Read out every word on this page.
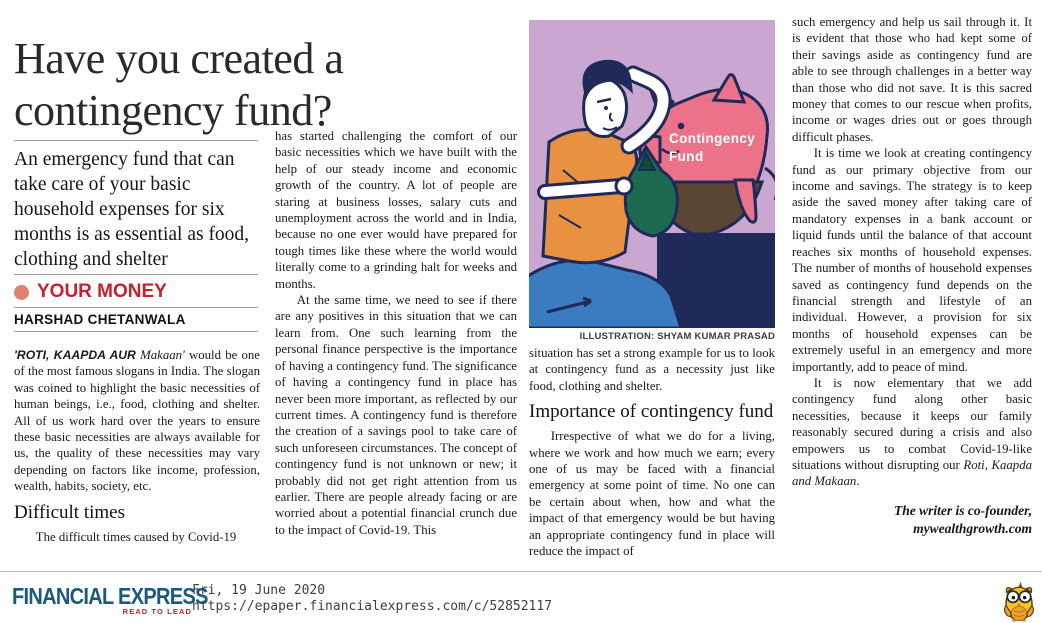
Have you created a contingency fund?
An emergency fund that can take care of your basic household expenses for six months is as essential as food, clothing and shelter
YOUR MONEY
HARSHAD CHETANWALA

'ROTI, KAAPDA AUR Makaan' would be one of the most famous slogans in India. The slogan was coined to highlight the basic necessities of human beings, i.e., food, clothing and shelter. All of us work hard over the years to ensure these basic necessities are always available for us, the quality of these necessities may vary depending on factors like income, profession, wealth, habits, society, etc.

Difficult times

The difficult times caused by Covid-19

has started challenging the comfort of our basic necessities which we have built with the help of our steady income and economic growth of the country. A lot of people are staring at business losses, salary cuts and unemployment across the world and in India, because no one ever would have prepared for tough times like these where the world would literally come to a grinding halt for weeks and months.

At the same time, we need to see if there are any positives in this situation that we can learn from. One such learning from the personal finance perspective is the importance of having a contingency fund. The significance of having a contingency fund in place has never been more important, as reflected by our current times. A contingency fund is therefore the creation of a savings pool to take care of such unforeseen circumstances. The concept of contingency fund is not unknown or new; it probably did not get right attention from us earlier. There are people already facing or are worried about a potential financial crunch due to the impact of Covid-19. This

Contingency
Fund
ILLUSTRATION: SHYAM KUMAR PRASAD

situation has set a strong example for us to look at contingency fund as a necessity just like food, clothing and shelter.

Importance of contingency fund

Irrespective of what we do for a living, where we work and how much we earn; every one of us may be faced with a financial emergency at some point of time. No one can be certain about when, how and what the impact of that emergency would be but having an appropriate contingency fund in place will reduce the impact of

such emergency and help us sail through it. It is evident that those who had kept some of their savings aside as contingency fund are able to see through challenges in a better way than those who did not save. It is this sacred money that comes to our rescue when profits, income or wages dries out or goes through difficult phases.

It is time we look at creating contingency fund as our primary objective from our income and savings. The strategy is to keep aside the saved money after taking care of mandatory expenses in a bank account or liquid funds until the balance of that account reaches six months of household expenses. The number of months of household expenses saved as contingency fund depends on the financial strength and lifestyle of an individual. However, a provision for six months of household expenses can be extremely useful in an emergency and more importantly, add to peace of mind.

It is now elementary that we add contingency fund along other basic necessities, because it keeps our family reasonably secured during a crisis and also empowers us to combat Covid-19-like situations without disrupting our Roti, Kaapda and Makaan.

The writer is co-founder,
mywealthgrowth.com
FINANCIAL EXPRESS
READ TO LEAD
Fri, 19 June 2020
https://epaper.financialexpress.com/c/52852117
